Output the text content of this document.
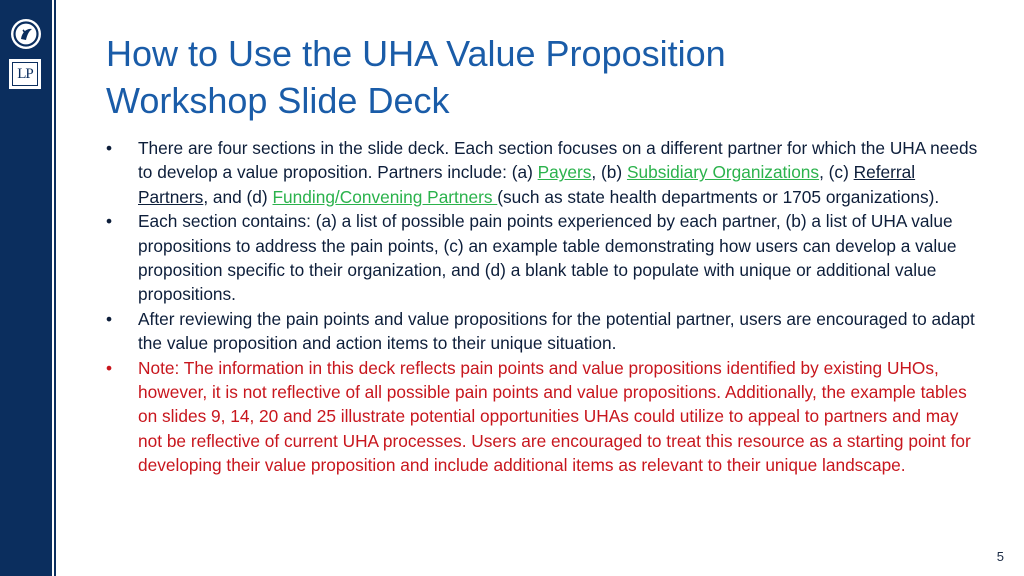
LP How to Use the UHA Value Proposition
Workshop Slide Deck
• There are four sections in the slide deck. Each section focuses on a different partner for which the UHA needs to develop a value proposition. Partners include: (a) Payers, (b) Subsidiary Organizations, (c) Referral Partners, and (d) Funding/Convening Partners (such as state health departments or 1705 organizations).
• Each section contains: (a) a list of possible pain points experienced by each partner, (b) a list of UHA value propositions to address the pain points, (c) an example table demonstrating how users can develop a value proposition specific to their organization, and (d) a blank table to populate with unique or additional value propositions.
• After reviewing the pain points and value propositions for the potential partner, users are encouraged to adapt the value proposition and action items to their unique situation.
• Note: The information in this deck reflects pain points and value propositions identified by existing UHOs, however, it is not reflective of all possible pain points and value propositions. Additionally, the example tables on slides 9, 14, 20 and 25 illustrate potential opportunities UHAs could utilize to appeal to partners and may not be reflective of current UHA processes. Users are encouraged to treat this resource as a starting point for developing their value proposition and include additional items as relevant to their unique landscape.
5
